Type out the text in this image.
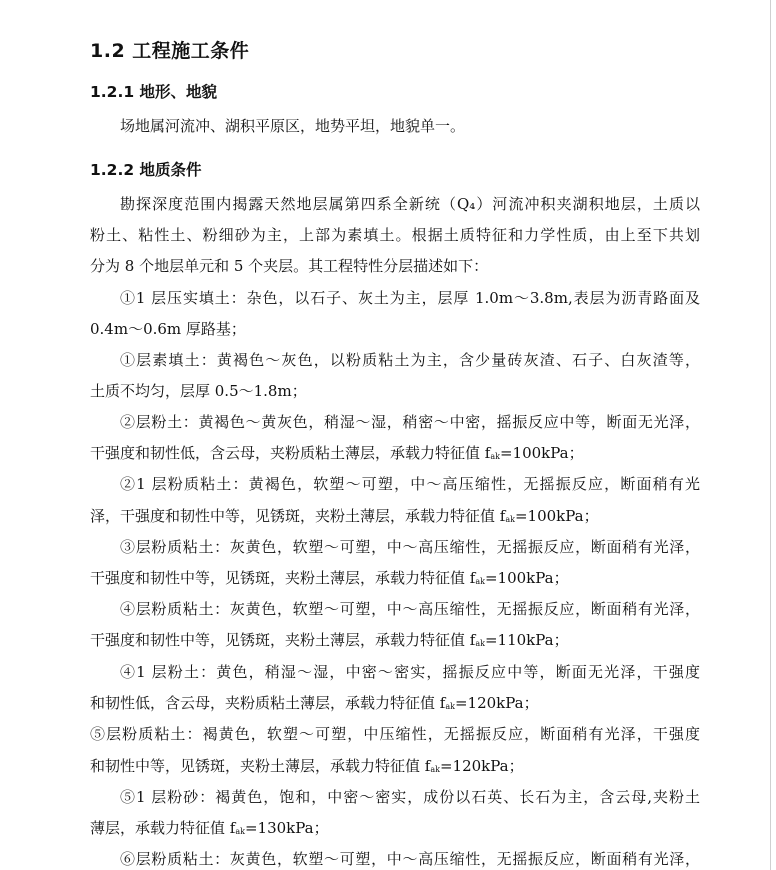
1.2 工程施工条件
1.2.1 地形、地貌
场地属河流冲、湖积平原区，地势平坦，地貌单一。
1.2.2 地质条件
勘探深度范围内揭露天然地层属第四系全新统（Q₄）河流冲积夹湖积地层，土质以
粉土、粘性土、粉细砂为主，上部为素填土。根据土质特征和力学性质，由上至下共划
分为 8 个地层单元和 5 个夹层。其工程特性分层描述如下：
①1 层压实填土：杂色，以石子、灰土为主，层厚 1.0m～3.8m,表层为沥青路面及
0.4m～0.6m 厚路基；
①层素填土：黄褐色～灰色，以粉质粘土为主，含少量砖灰渣、石子、白灰渣等，
土质不均匀，层厚 0.5～1.8m；
②层粉土：黄褐色～黄灰色，稍湿～湿，稍密～中密，摇振反应中等，断面无光泽，
干强度和韧性低，含云母，夹粉质粘土薄层，承载力特征值 $f_{ak}=100kPa$；
②1 层粉质粘土：黄褐色，软塑～可塑，中～高压缩性，无摇振反应，断面稍有光
泽，干强度和韧性中等，见锈斑，夹粉土薄层，承载力特征值 $f_{ak}=100kPa$；
③层粉质粘土：灰黄色，软塑～可塑，中～高压缩性，无摇振反应，断面稍有光泽，
干强度和韧性中等，见锈斑，夹粉土薄层，承载力特征值 $f_{ak}=100kPa$；
④层粉质粘土：灰黄色，软塑～可塑，中～高压缩性，无摇振反应，断面稍有光泽，
干强度和韧性中等，见锈斑，夹粉土薄层，承载力特征值 $f_{ak}=110kPa$；
④1 层粉土：黄色，稍湿～湿，中密～密实，摇振反应中等，断面无光泽，干强度
和韧性低，含云母，夹粉质粘土薄层，承载力特征值 $f_{ak}=120kPa$；
⑤层粉质粘土：褐黄色，软塑～可塑，中压缩性，无摇振反应，断面稍有光泽，干强度
和韧性中等，见锈斑，夹粉土薄层，承载力特征值 $f_{ak}=120kPa$；
⑤1 层粉砂：褐黄色，饱和，中密～密实，成份以石英、长石为主，含云母,夹粉土
薄层，承载力特征值 $f_{ak}=130kPa$；
⑥层粉质粘土：灰黄色，软塑～可塑，中～高压缩性，无摇振反应，断面稍有光泽，
